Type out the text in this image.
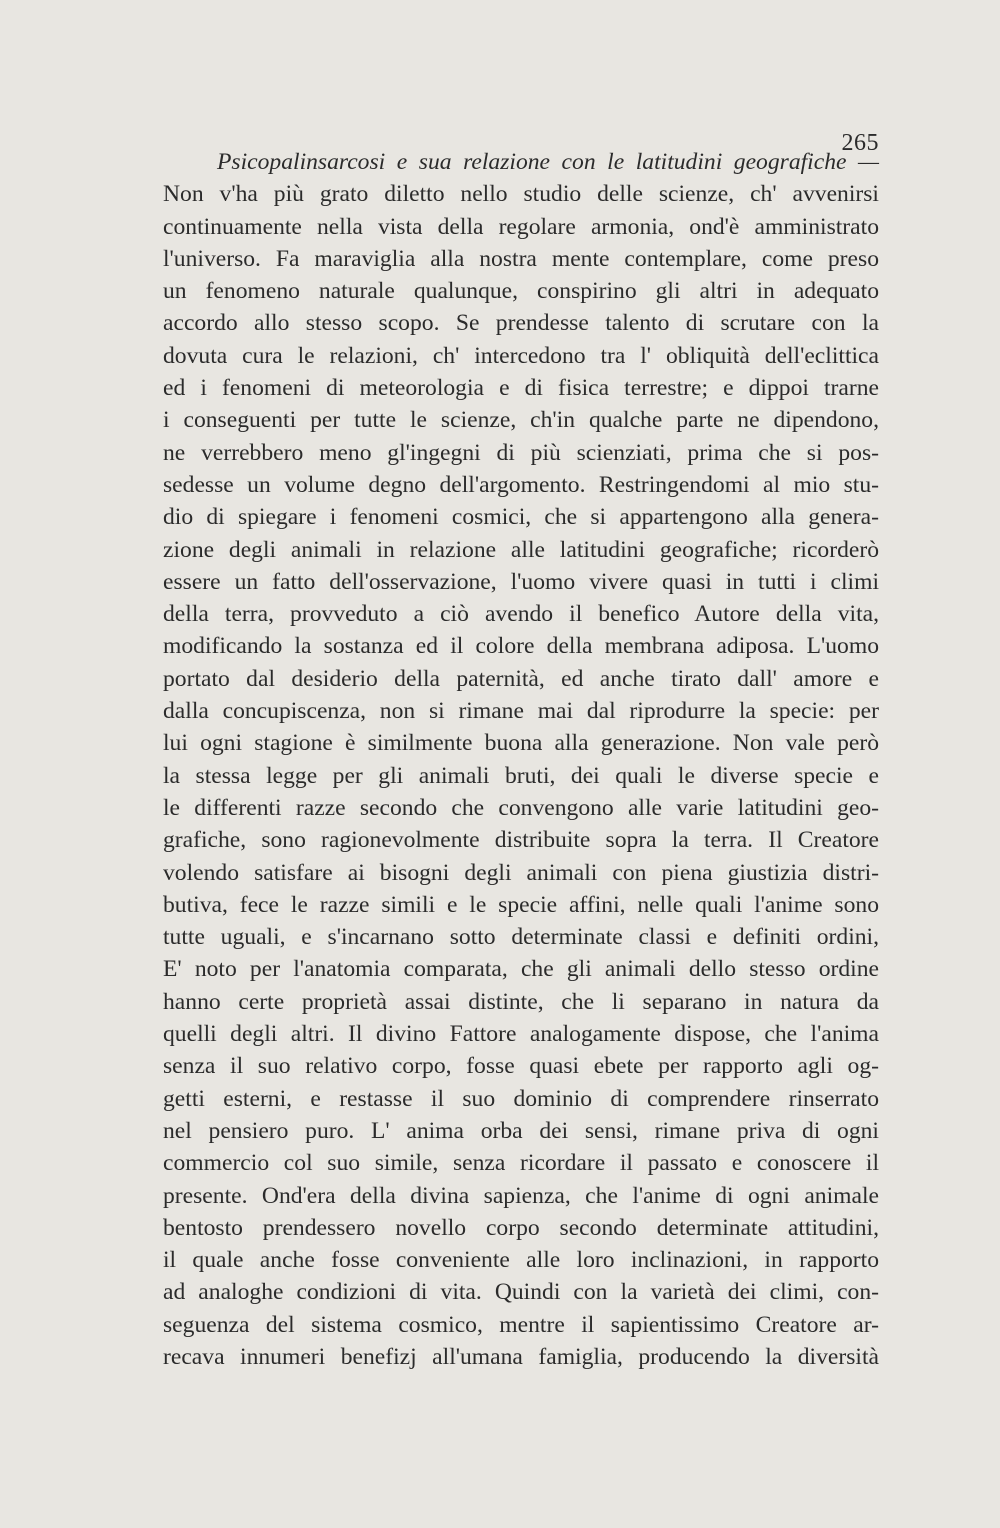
265
Psicopalinsarcosi e sua relazione con le latitudini geografiche —
Non v'ha più grato diletto nello studio delle scienze, ch' avvenirsi
continuamente nella vista della regolare armonia, ond'è amministrato
l'universo. Fa maraviglia alla nostra mente contemplare, come preso
un fenomeno naturale qualunque, conspirino gli altri in adequato
accordo allo stesso scopo. Se prendesse talento di scrutare con la
dovuta cura le relazioni, ch' intercedono tra l' obliquità dell'eclittica
ed i fenomeni di meteorologia e di fisica terrestre; e dippoi trarne
i conseguenti per tutte le scienze, ch'in qualche parte ne dipendono,
ne verrebbero meno gl'ingegni di più scienziati, prima che si pos-
sedesse un volume degno dell'argomento. Restringendomi al mio stu-
dio di spiegare i fenomeni cosmici, che si appartengono alla genera-
zione degli animali in relazione alle latitudini geografiche; ricorderò
essere un fatto dell'osservazione, l'uomo vivere quasi in tutti i climi
della terra, provveduto a ciò avendo il benefico Autore della vita,
modificando la sostanza ed il colore della membrana adiposa. L'uomo
portato dal desiderio della paternità, ed anche tirato dall' amore e
dalla concupiscenza, non si rimane mai dal riprodurre la specie: per
lui ogni stagione è similmente buona alla generazione. Non vale però
la stessa legge per gli animali bruti, dei quali le diverse specie e
le differenti razze secondo che convengono alle varie latitudini geo-
grafiche, sono ragionevolmente distribuite sopra la terra. Il Creatore
volendo satisfare ai bisogni degli animali con piena giustizia distri-
butiva, fece le razze simili e le specie affini, nelle quali l'anime sono
tutte uguali, e s'incarnano sotto determinate classi e definiti ordini,
E' noto per l'anatomia comparata, che gli animali dello stesso ordine
hanno certe proprietà assai distinte, che li separano in natura da
quelli degli altri. Il divino Fattore analogamente dispose, che l'anima
senza il suo relativo corpo, fosse quasi ebete per rapporto agli og-
getti esterni, e restasse il suo dominio di comprendere rinserrato
nel pensiero puro. L' anima orba dei sensi, rimane priva di ogni
commercio col suo simile, senza ricordare il passato e conoscere il
presente. Ond'era della divina sapienza, che l'anime di ogni animale
bentosto prendessero novello corpo secondo determinate attitudini,
il quale anche fosse conveniente alle loro inclinazioni, in rapporto
ad analoghe condizioni di vita. Quindi con la varietà dei climi, con-
seguenza del sistema cosmico, mentre il sapientissimo Creatore ar-
recava innumeri benefizj all'umana famiglia, producendo la diversità
